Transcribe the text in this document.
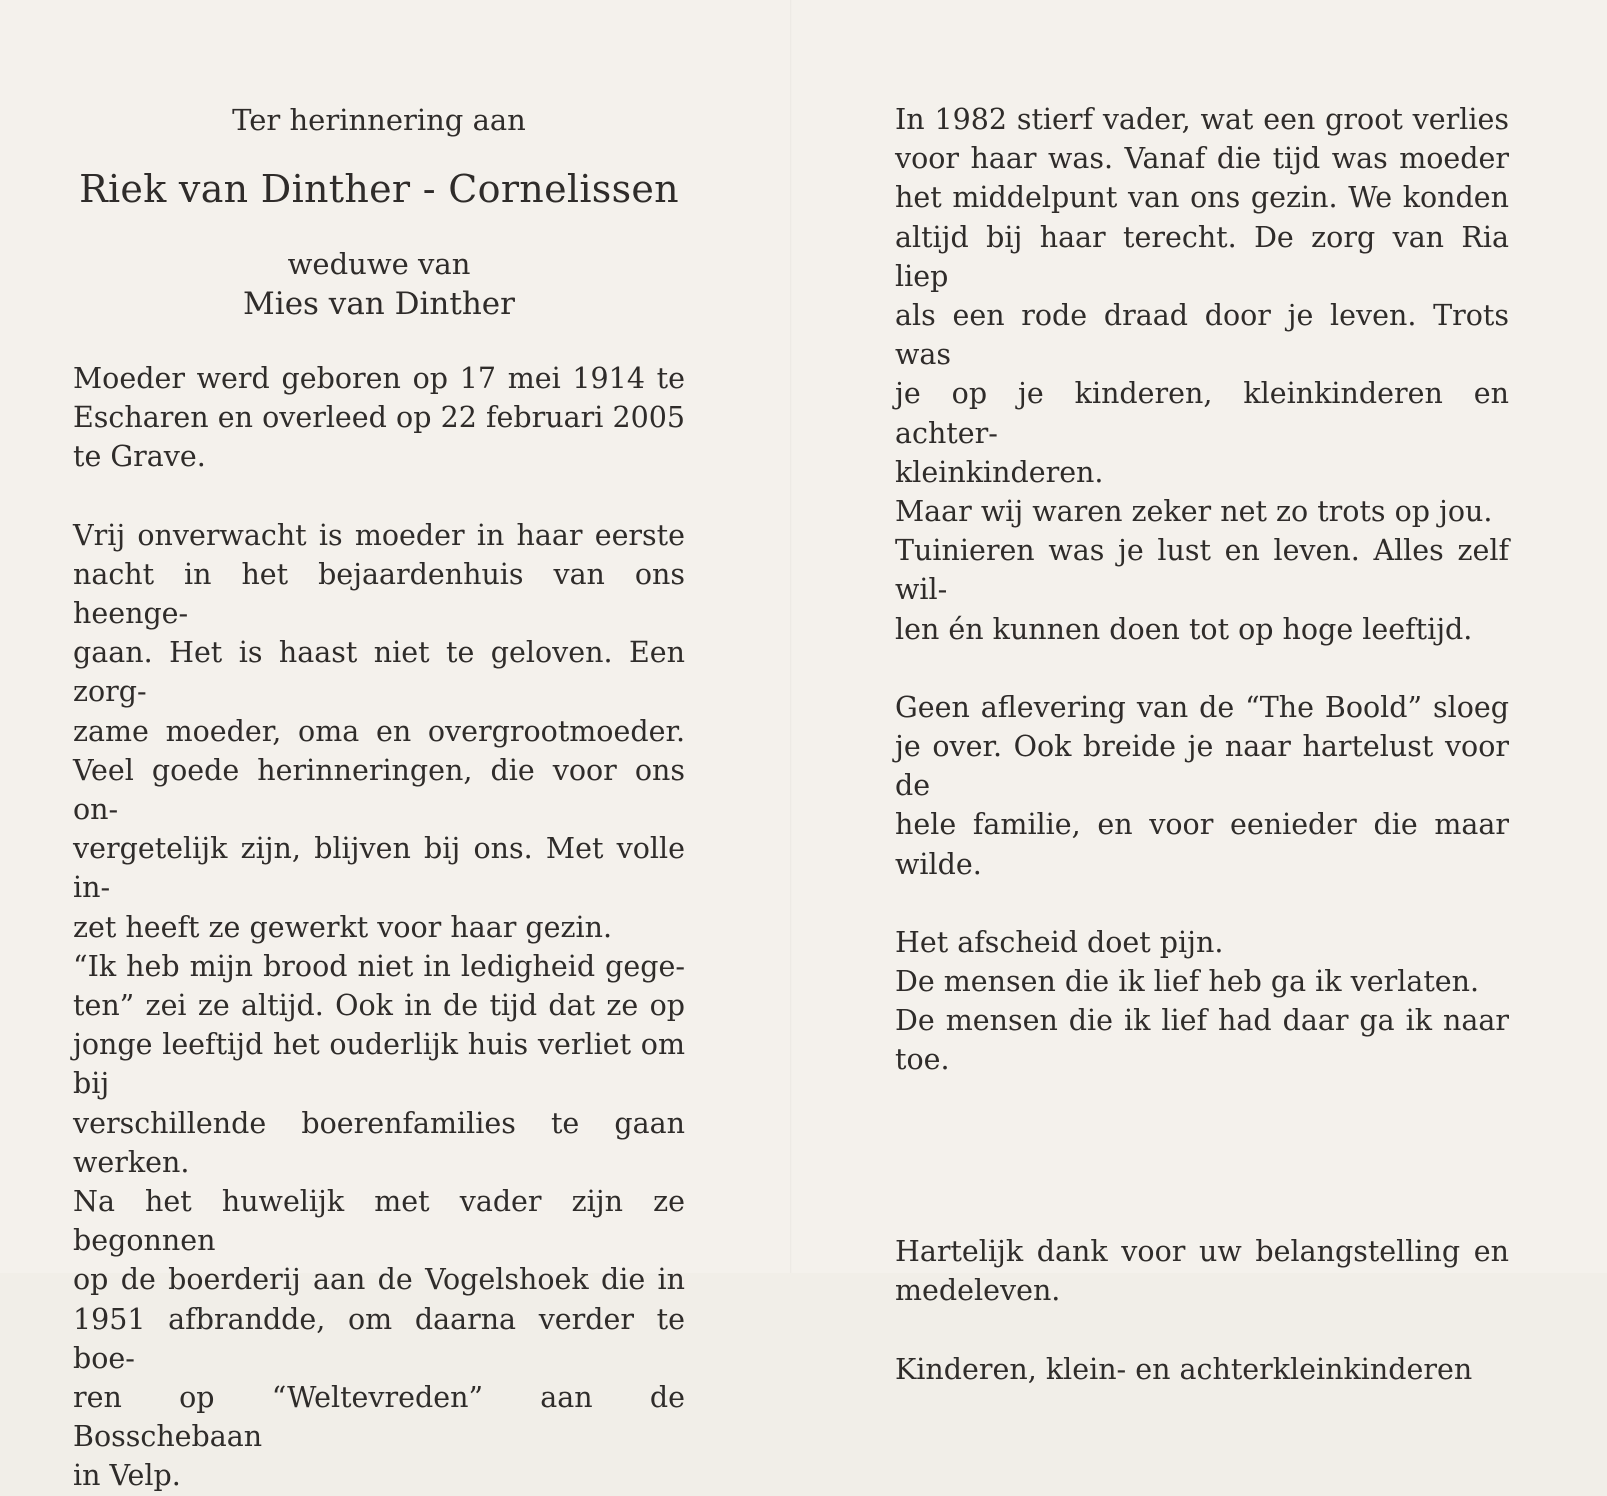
Ter herinnering aan

Riek van Dinther - Cornelissen

weduwe van

Mies van Dinther

Moeder werd geboren op 17 mei 1914 te
Escharen en overleed op 22 februari 2005
te Grave.
Vrij onverwacht is moeder in haar eerste
nacht in het bejaardenhuis van ons heenge-
gaan. Het is haast niet te geloven. Een zorg-
zame moeder, oma en overgrootmoeder.
Veel goede herinneringen, die voor ons on-
vergetelijk zijn, blijven bij ons. Met volle in-
zet heeft ze gewerkt voor haar gezin.
“Ik heb mijn brood niet in ledigheid gege-
ten” zei ze altijd. Ook in de tijd dat ze op
jonge leeftijd het ouderlijk huis verliet om bij
verschillende boerenfamilies te gaan werken.
Na het huwelijk met vader zijn ze begonnen
op de boerderij aan de Vogelshoek die in
1951 afbrandde, om daarna verder te boe-
ren op “Weltevreden” aan de Bosschebaan
in Velp.
In 1982 stierf vader, wat een groot verlies
voor haar was. Vanaf die tijd was moeder
het middelpunt van ons gezin. We konden
altijd bij haar terecht. De zorg van Ria liep
als een rode draad door je leven. Trots was
je op je kinderen, kleinkinderen en achter-
kleinkinderen.
Maar wij waren zeker net zo trots op jou.
Tuinieren was je lust en leven. Alles zelf wil-
len én kunnen doen tot op hoge leeftijd.
Geen aflevering van de “The Boold” sloeg
je over. Ook breide je naar hartelust voor de
hele familie, en voor eenieder die maar
wilde.
Het afscheid doet pijn.
De mensen die ik lief heb ga ik verlaten.
De mensen die ik lief had daar ga ik naar
toe.
Hartelijk dank voor uw belangstelling en
medeleven.

Kinderen, klein- en achterkleinkinderen
